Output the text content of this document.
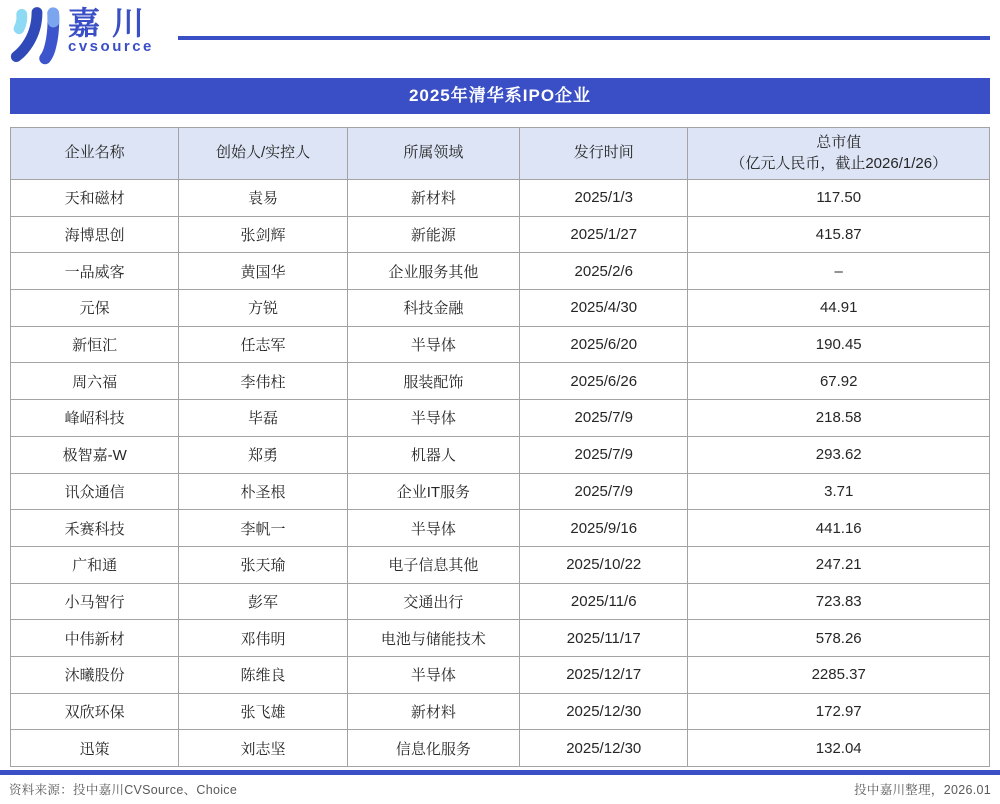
嘉川
cvsource
2025年清华系IPO企业
企业名称	创始人/实控人	所属领域	发行时间	总市值
（亿元人民币，截止2026/1/26）

天和磁材	袁易	新材料	2025/1/3	117.50
海博思创	张剑辉	新能源	2025/1/27	415.87
一品威客	黄国华	企业服务其他	2025/2/6	–
元保	方锐	科技金融	2025/4/30	44.91
新恒汇	任志军	半导体	2025/6/20	190.45
周六福	李伟柱	服装配饰	2025/6/26	67.92
峰岹科技	毕磊	半导体	2025/7/9	218.58
极智嘉-W	郑勇	机器人	2025/7/9	293.62
讯众通信	朴圣根	企业IT服务	2025/7/9	3.71
禾赛科技	李帆一	半导体	2025/9/16	441.16
广和通	张天瑜	电子信息其他	2025/10/22	247.21
小马智行	彭军	交通出行	2025/11/6	723.83
中伟新材	邓伟明	电池与储能技术	2025/11/17	578.26
沐曦股份	陈维良	半导体	2025/12/17	2285.37
双欣环保	张飞雄	新材料	2025/12/30	172.97
迅策	刘志坚	信息化服务	2025/12/30	132.04
资料来源：投中嘉川CVSource、Choice	投中嘉川整理，2026.01
